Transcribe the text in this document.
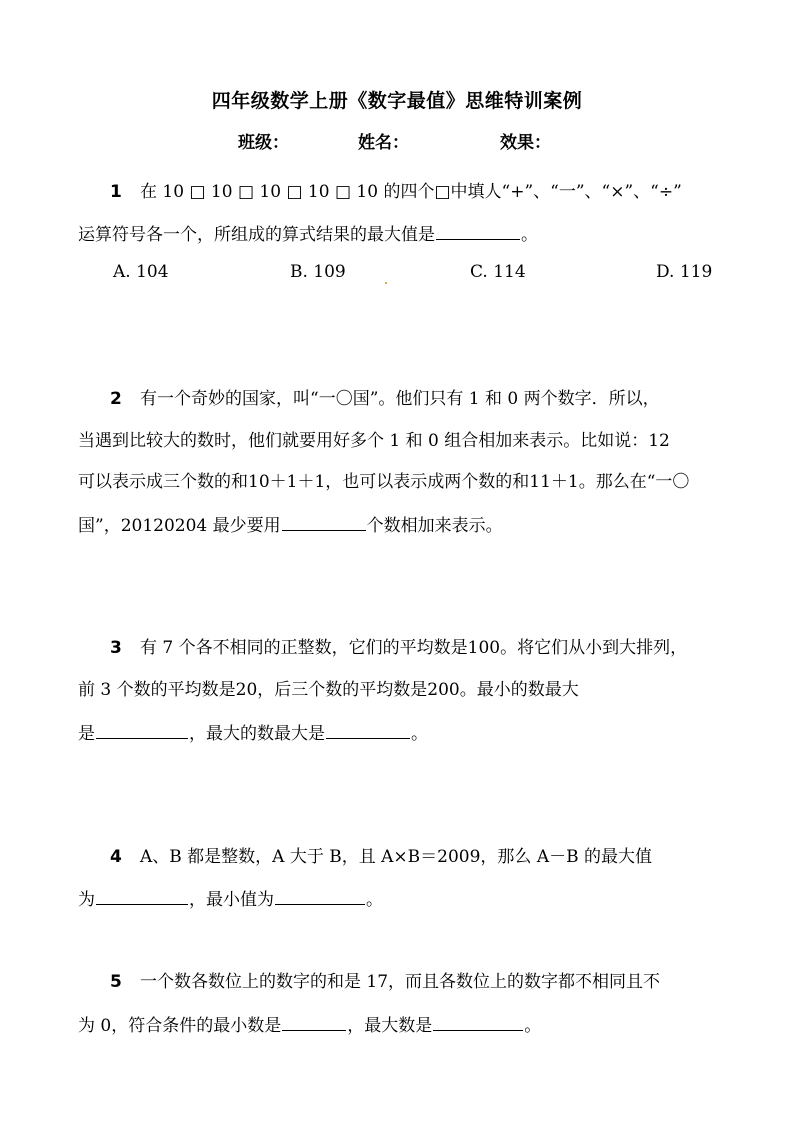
四年级数学上册《数字最值》思维特训案例
班级：	姓名：	效果：
1 在 10 □ 10 □ 10 □ 10 □ 10 的四个□中填人“+”、“一”、“×”、“÷”
运算符号各一个，所组成的算式结果的最大值是	。
A. 104	B. 109	C. 114	D. 119
2 有一个奇妙的国家，叫“一〇国”。他们只有 1 和 0 两个数字．所以，
当遇到比较大的数时，他们就要用好多个 1 和 0 组合相加来表示。比如说：12
可以表示成三个数的和10＋1＋1，也可以表示成两个数的和11＋1。那么在“一〇
国”，20120204 最少要用	个数相加来表示。
3 有 7 个各不相同的正整数，它们的平均数是100。将它们从小到大排列，
前 3 个数的平均数是20，后三个数的平均数是200。最小的数最大
是	，最大的数最大是	。
4 A、B 都是整数，A 大于 B，且 A×B＝2009，那么 A－B 的最大值
为	，最小值为	。
5 一个数各数位上的数字的和是 17，而且各数位上的数字都不相同且不
为 0，符合条件的最小数是	，最大数是	。
